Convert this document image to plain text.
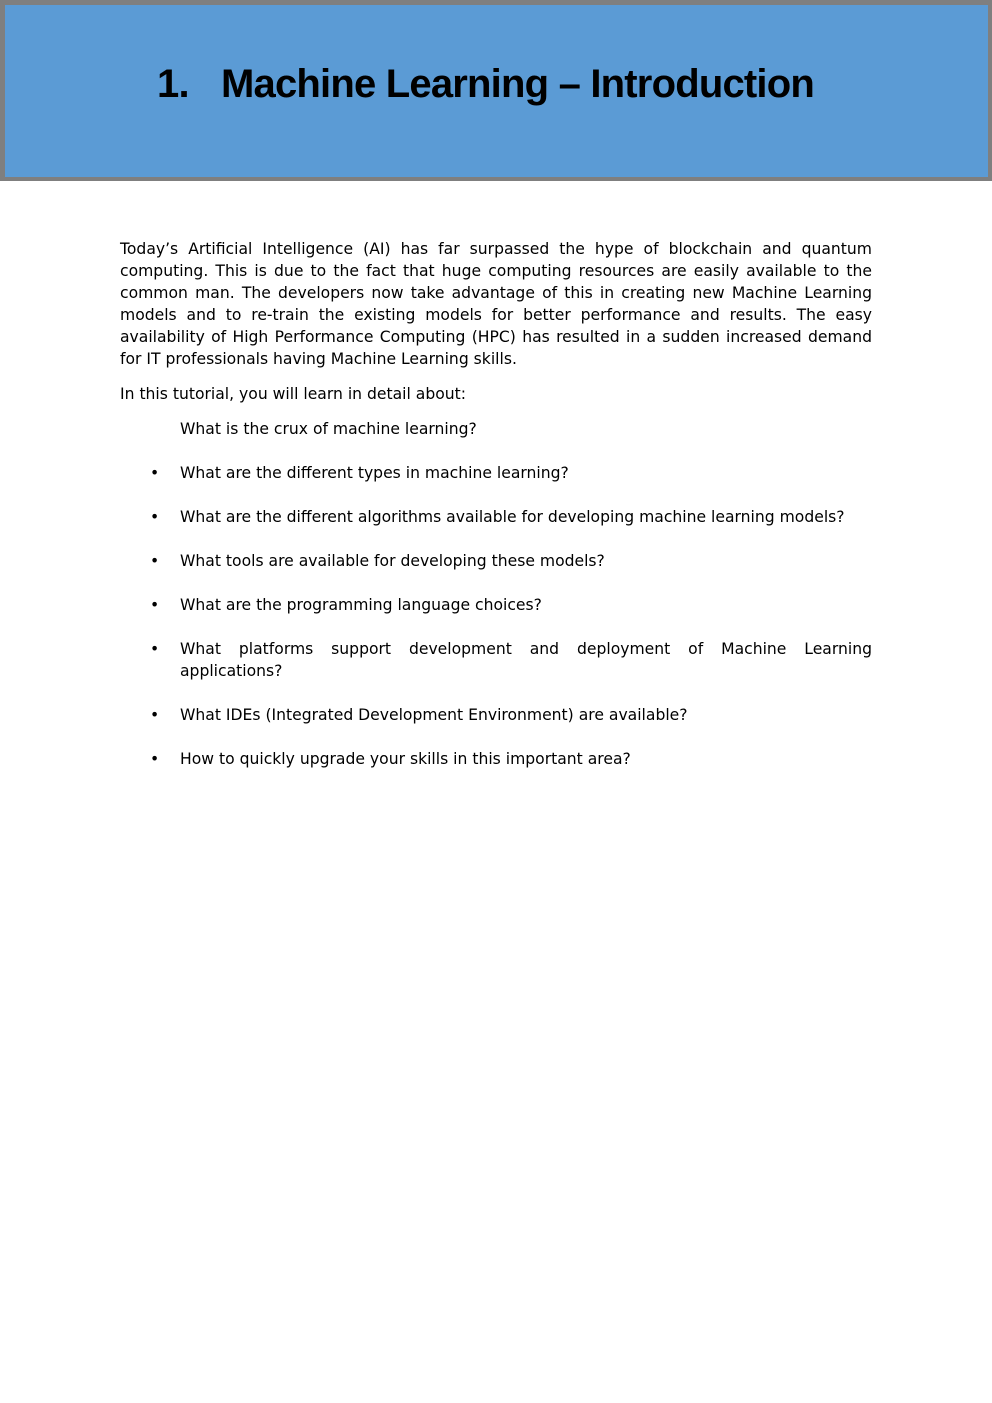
1. Machine Learning – Introduction

Today’s Artificial Intelligence (AI) has far surpassed the hype of blockchain and quantum computing. This is due to the fact that huge computing resources are easily available to the common man. The developers now take advantage of this in creating new Machine Learning models and to re-train the existing models for better performance and results. The easy availability of High Performance Computing (HPC) has resulted in a sudden increased demand for IT professionals having Machine Learning skills.

In this tutorial, you will learn in detail about:

What is the crux of machine learning?
• What are the different types in machine learning?
• What are the different algorithms available for developing machine learning models?
• What tools are available for developing these models?
• What are the programming language choices?
• What platforms support development and deployment of Machine Learning applications?
• What IDEs (Integrated Development Environment) are available?
• How to quickly upgrade your skills in this important area?
